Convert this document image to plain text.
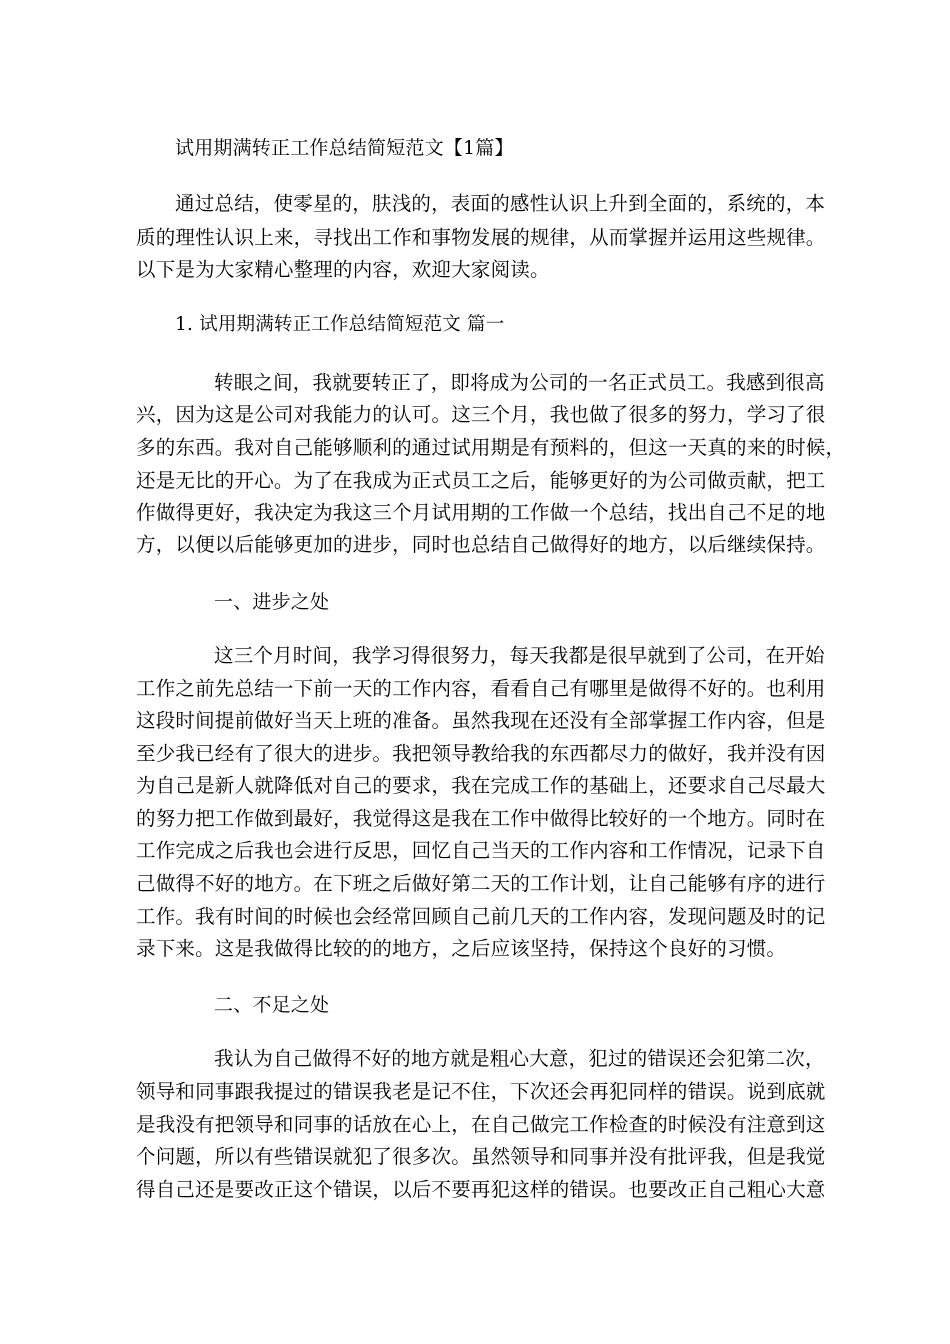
试用期满转正工作总结简短范文【1篇】
通过总结，使零星的，肤浅的，表面的感性认识上升到全面的，系统的，本
质的理性认识上来，寻找出工作和事物发展的规律，从而掌握并运用这些规律。
以下是为大家精心整理的内容，欢迎大家阅读。
1. 试用期满转正工作总结简短范文 篇一
转眼之间，我就要转正了，即将成为公司的一名正式员工。我感到很高
兴，因为这是公司对我能力的认可。这三个月，我也做了很多的努力，学习了很
多的东西。我对自己能够顺利的通过试用期是有预料的，但这一天真的来的时候，
还是无比的开心。为了在我成为正式员工之后，能够更好的为公司做贡献，把工
作做得更好，我决定为我这三个月试用期的工作做一个总结，找出自己不足的地
方，以便以后能够更加的进步，同时也总结自己做得好的地方，以后继续保持。
一、进步之处
这三个月时间，我学习得很努力，每天我都是很早就到了公司，在开始
工作之前先总结一下前一天的工作内容，看看自己有哪里是做得不好的。也利用
这段时间提前做好当天上班的准备。虽然我现在还没有全部掌握工作内容，但是
至少我已经有了很大的进步。我把领导教给我的东西都尽力的做好，我并没有因
为自己是新人就降低对自己的要求，我在完成工作的基础上，还要求自己尽最大
的努力把工作做到最好，我觉得这是我在工作中做得比较好的一个地方。同时在
工作完成之后我也会进行反思，回忆自己当天的工作内容和工作情况，记录下自
己做得不好的地方。在下班之后做好第二天的工作计划，让自己能够有序的进行
工作。我有时间的时候也会经常回顾自己前几天的工作内容，发现问题及时的记
录下来。这是我做得比较的的地方，之后应该坚持，保持这个良好的习惯。
二、不足之处
我认为自己做得不好的地方就是粗心大意，犯过的错误还会犯第二次，
领导和同事跟我提过的错误我老是记不住，下次还会再犯同样的错误。说到底就
是我没有把领导和同事的话放在心上，在自己做完工作检查的时候没有注意到这
个问题，所以有些错误就犯了很多次。虽然领导和同事并没有批评我，但是我觉
得自己还是要改正这个错误，以后不要再犯这样的错误。也要改正自己粗心大意
